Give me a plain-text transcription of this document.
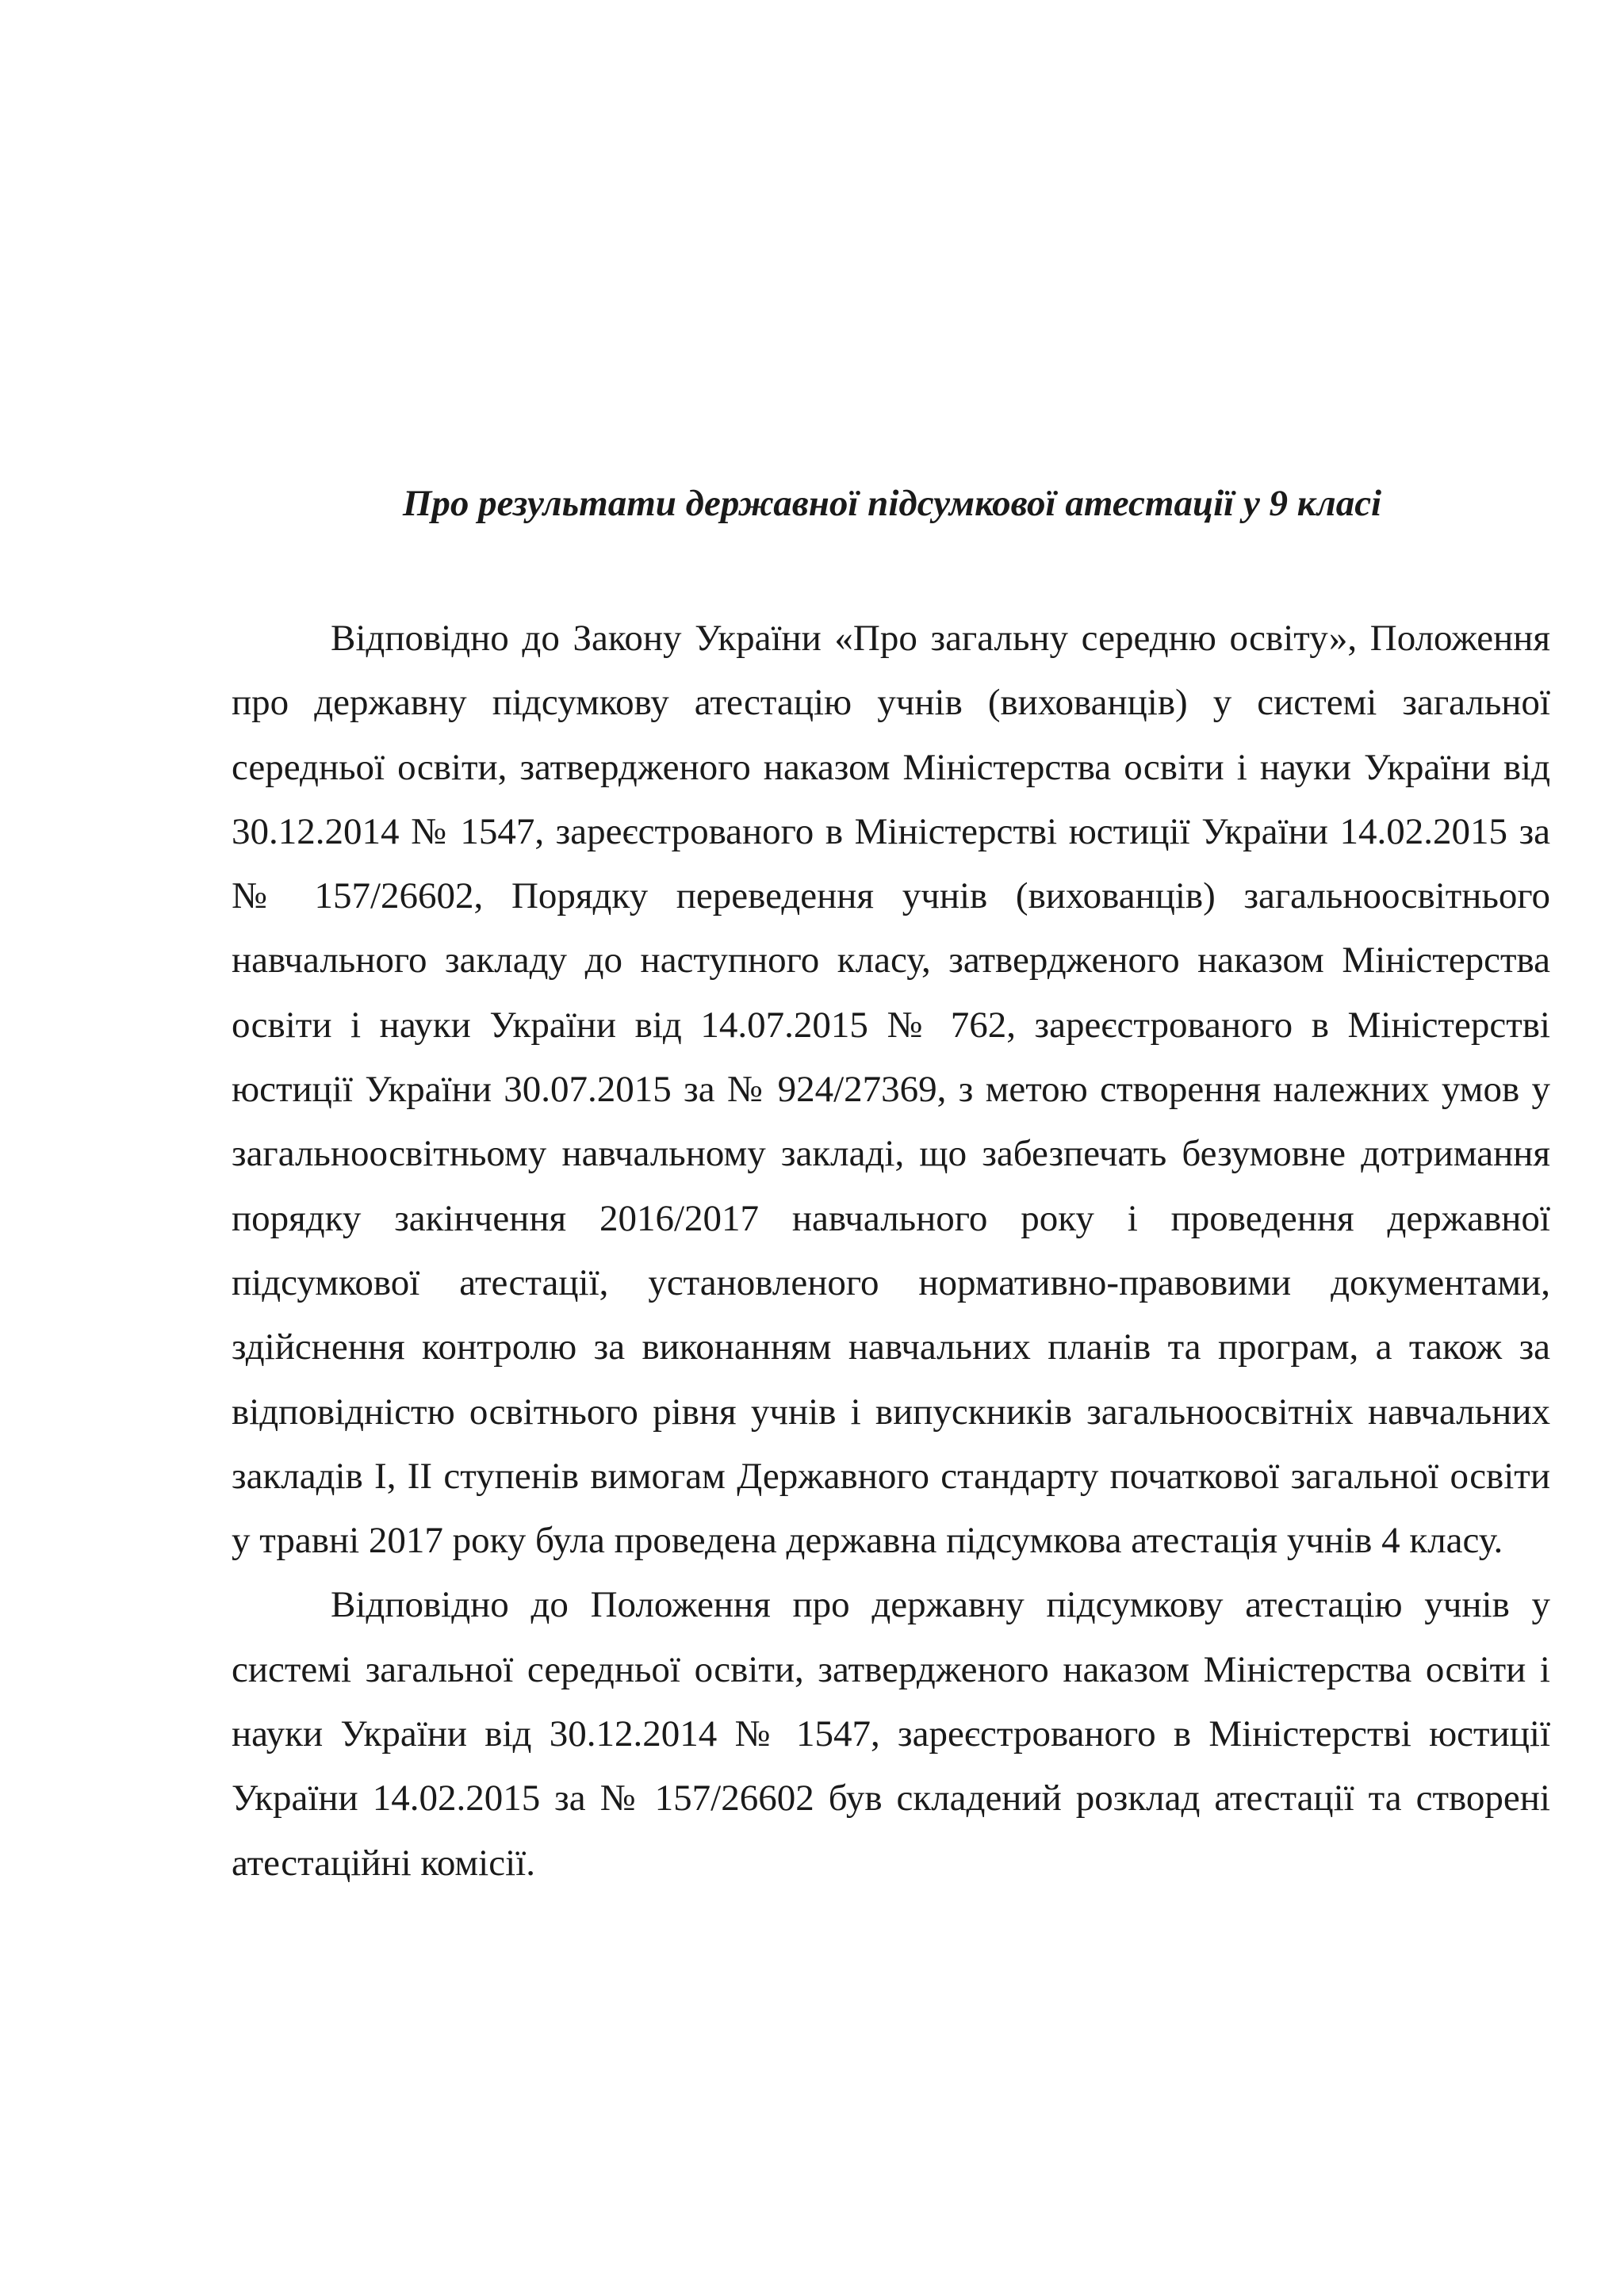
Про результати державної підсумкової атестації у 9 класі

Відповідно до Закону України «Про загальну середню освіту», Положення про державну підсумкову атестацію учнів (вихованців) у системі загальної середньої освіти, затвердженого наказом Міністерства освіти і науки України від 30.12.2014 № 1547, зареєстрованого в Міністерстві юстиції України 14.02.2015 за № 157/26602, Порядку переведення учнів (вихованців) загальноосвітнього навчального закладу до наступного класу, затвердженого наказом Міністерства освіти і науки України від 14.07.2015 № 762, зареєстрованого в Міністерстві юстиції України 30.07.2015 за № 924/27369, з метою створення належних умов у загальноосвітньому навчальному закладі, що забезпечать безумовне дотримання порядку закінчення 2016/2017 навчального року і проведення державної підсумкової атестації, установленого нормативно-правовими документами, здійснення контролю за виконанням навчальних планів та програм, а також за відповідністю освітнього рівня учнів і випускників загальноосвітніх навчальних закладів І, ІІ ступенів вимогам Державного стандарту початкової загальної освіти у травні 2017 року була проведена державна підсумкова атестація учнів 4 класу.

Відповідно до Положення про державну підсумкову атестацію учнів у системі загальної середньої освіти, затвердженого наказом Міністерства освіти і науки України від 30.12.2014 № 1547, зареєстрованого в Міністерстві юстиції України 14.02.2015 за № 157/26602 був складений розклад атестації та створені атестаційні комісії.
